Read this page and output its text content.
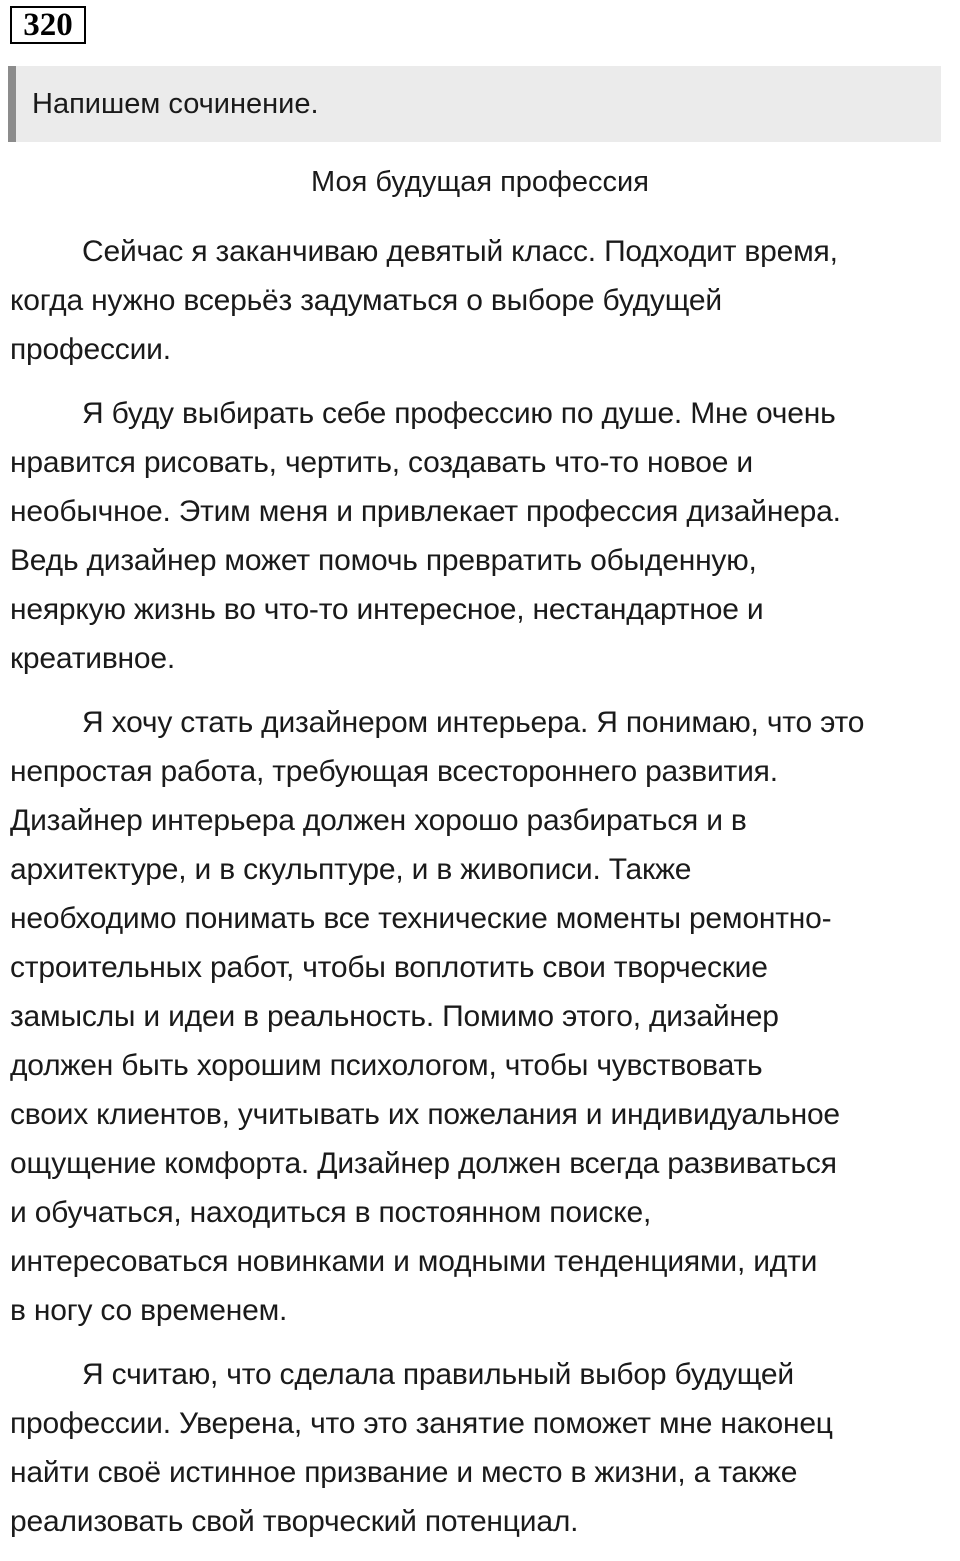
320
Напишем сочинение.
Моя будущая профессия

Сейчас я заканчиваю девятый класс. Подходит время,
когда нужно всерьёз задуматься о выборе будущей
профессии.

Я буду выбирать себе профессию по душе. Мне очень
нравится рисовать, чертить, создавать что-то новое и
необычное. Этим меня и привлекает профессия дизайнера.
Ведь дизайнер может помочь превратить обыденную,
неяркую жизнь во что-то интересное, нестандартное и
креативное.

Я хочу стать дизайнером интерьера. Я понимаю, что это
непростая работа, требующая всестороннего развития.
Дизайнер интерьера должен хорошо разбираться и в
архитектуре, и в скульптуре, и в живописи. Также
необходимо понимать все технические моменты ремонтно-
строительных работ, чтобы воплотить свои творческие
замыслы и идеи в реальность. Помимо этого, дизайнер
должен быть хорошим психологом, чтобы чувствовать
своих клиентов, учитывать их пожелания и индивидуальное
ощущение комфорта. Дизайнер должен всегда развиваться
и обучаться, находиться в постоянном поиске,
интересоваться новинками и модными тенденциями, идти
в ногу со временем.

Я считаю, что сделала правильный выбор будущей
профессии. Уверена, что это занятие поможет мне наконец
найти своё истинное призвание и место в жизни, а также
реализовать свой творческий потенциал.
